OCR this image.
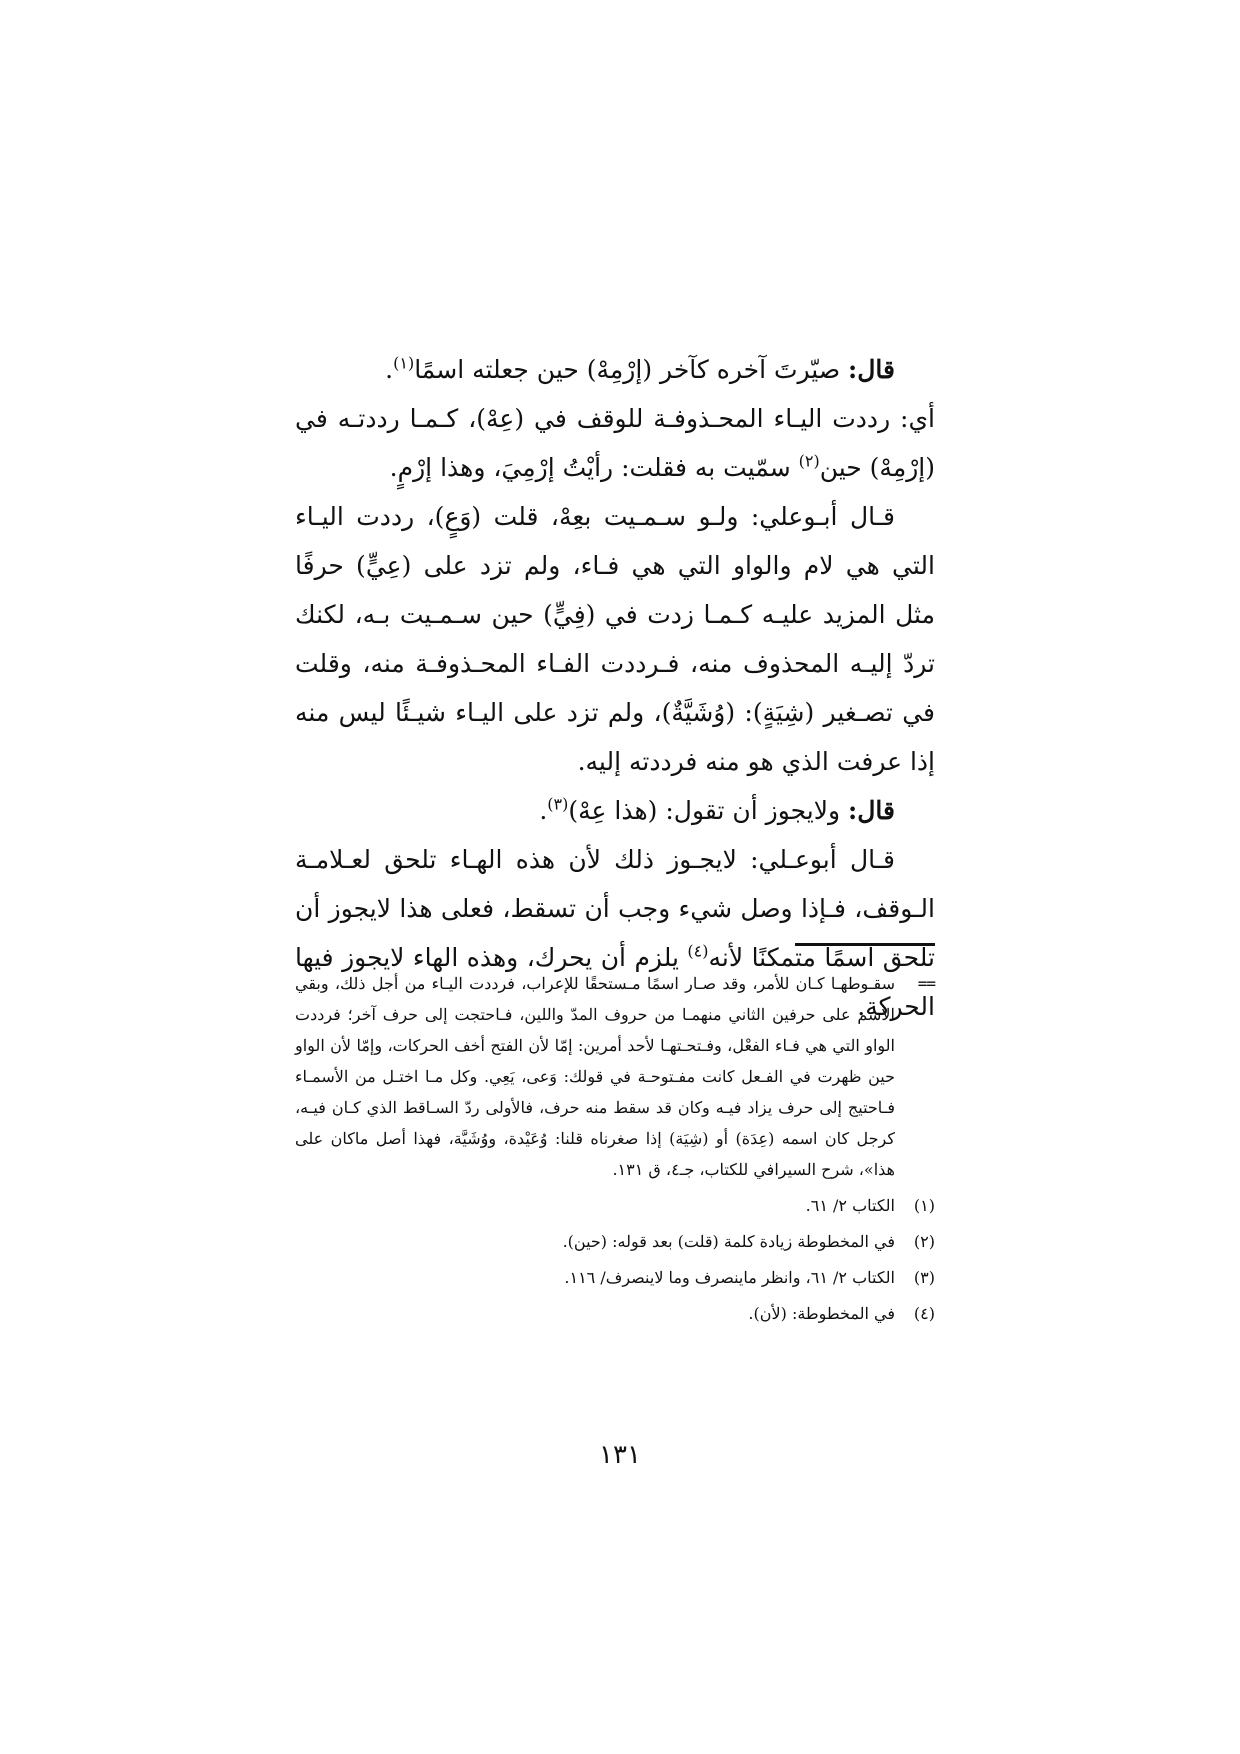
قال: صيّرتَ آخره كآخر (إرْمِهْ) حين جعلته اسمًا$^{(١)}$.

أي: رددت اليـاء المحـذوفـة للوقف في (عِهْ)، كـمـا رددتـه في (إرْمِهْ) حين$^{(٢)}$ سمّيت به فقلت: رأيْتُ إرْمِيَ، وهذا إرْمٍ.

قـال أبـوعلي: ولـو سـمـيت بعِهْ، قلت (وَعٍ)، رددت اليـاء التي هي لام والواو التي هي فـاء، ولم تزد على (عِيٍّ) حرفًا مثل المزيد عليـه كـمـا زدت في (فِيٍّ) حين سـمـيت بـه، لكنك تردّ إليـه المحذوف منه، فـرددت الفـاء المحـذوفـة منه، وقلت في تصـغير (شِيَةٍ): (وُشَيَّةٌ)، ولم تزد على اليـاء شيـئًا ليس منه إذا عرفت الذي هو منه فرددته إليه.

قال: ولايجوز أن تقول: (هذا عِهْ)$^{(٣)}$.

قـال أبوعـلي: لايجـوز ذلك لأن هذه الهـاء تلحق لعـلامـة الـوقف، فـإذا وصل شيء وجب أن تسقط، فعلى هذا لايجوز أن تلحق اسمًا متمكنًا لأنه$^{(٤)}$ يلزم أن يحرك، وهذه الهاء لايجوز فيها الحركة.

==
سقـوطهـا كـان للأمر، وقد صـار اسمًا مـستحقًا للإعراب، فرددت اليـاء من أجل ذلك، وبقي الاسم على حرفين الثاني منهمـا من حروف المدّ واللين، فـاحتجت إلى حرف آخر؛ فرددت الواو التي هي فـاء الفعْل، وفـتحـتهـا لأحد أمرين: إمّا لأن الفتح أخف الحركات، وإمّا لأن الواو حين ظهرت في الفـعل كانت مفـتوحـة في قولك: وَعى، يَعِي. وكل مـا اختـل من الأسمـاء فـاحتيج إلى حرف يزاد فيـه وكان قد سقط منه حرف، فالأولى ردّ السـاقط الذي كـان فيـه، كرجل كان اسمه (عِدَة) أو (شِيَة) إذا صغرناه قلنا: وُعَيْدة، ووُشَيَّة، فهذا أصل ماكان على هذا»، شرح السيرافي للكتاب، جـ٤، ق ١٣١.
(١)
الكتاب ٢/ ٦١.
(٢)
في المخطوطة زيادة كلمة (قلت) بعد قوله: (حين).
(٣)
الكتاب ٢/ ٦١، وانظر ماينصرف وما لاينصرف/ ١١٦.
(٤)
في المخطوطة: (لأن).
١٣١
